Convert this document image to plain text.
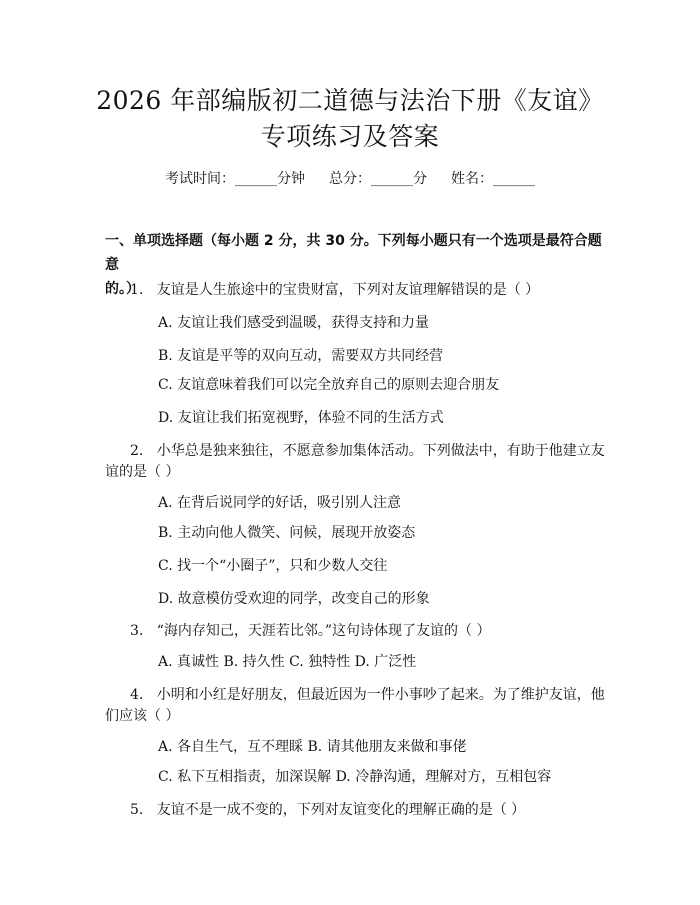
2026 年部编版初二道德与法治下册《友谊》
专项练习及答案
考试时间：______分钟 总分：______分 姓名：______
一、单项选择题（每小题 2 分，共 30 分。下列每小题只有一个选项是最符合题意
的。）
1.   友谊是人生旅途中的宝贵财富，下列对友谊理解错误的是（ ）
A. 友谊让我们感受到温暖，获得支持和力量
B. 友谊是平等的双向互动，需要双方共同经营
C. 友谊意味着我们可以完全放弃自己的原则去迎合朋友
D. 友谊让我们拓宽视野，体验不同的生活方式
2.   小华总是独来独往，不愿意参加集体活动。下列做法中，有助于他建立友
谊的是（ ）
A. 在背后说同学的好话，吸引别人注意
B. 主动向他人微笑、问候，展现开放姿态
C. 找一个“小圈子”，只和少数人交往
D. 故意模仿受欢迎的同学，改变自己的形象
3.   “海内存知己，天涯若比邻。”这句诗体现了友谊的（ ）
A. 真诚性 B. 持久性 C. 独特性 D. 广泛性
4.   小明和小红是好朋友，但最近因为一件小事吵了起来。为了维护友谊，他
们应该（ ）
A. 各自生气，互不理睬 B. 请其他朋友来做和事佬
C. 私下互相指责，加深误解 D. 冷静沟通，理解对方，互相包容
5.   友谊不是一成不变的，下列对友谊变化的理解正确的是（ ）
